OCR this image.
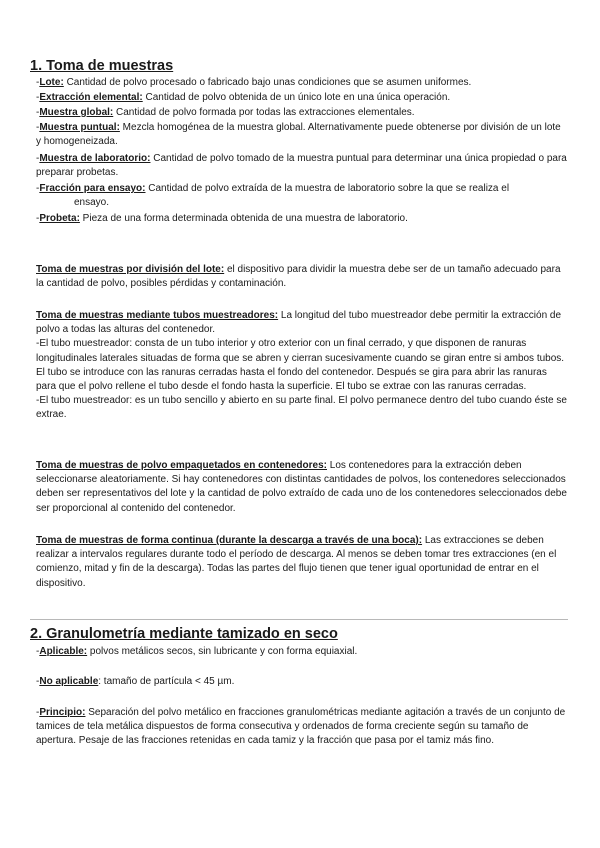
1. Toma de muestras

-Lote: Cantidad de polvo procesado o fabricado bajo unas condiciones que se asumen uniformes.

-Extracción elemental: Cantidad de polvo obtenida de un único lote en una única operación.

-Muestra global: Cantidad de polvo formada por todas las extracciones elementales.

-Muestra puntual: Mezcla homogénea de la muestra global. Alternativamente puede obtenerse por división de un lote y homogeneizada.

-Muestra de laboratorio: Cantidad de polvo tomado de la muestra puntual para determinar una única propiedad o para preparar probetas.

-Fracción para ensayo: Cantidad de polvo extraída de la muestra de laboratorio sobre la que se realiza el
ensayo.

-Probeta: Pieza de una forma determinada obtenida de una muestra de laboratorio.

Toma de muestras por división del lote: el dispositivo para dividir la muestra debe ser de un tamaño adecuado para la cantidad de polvo, posibles pérdidas y contaminación.

Toma de muestras mediante tubos muestreadores: La longitud del tubo muestreador debe permitir la extracción de polvo a todas las alturas del contenedor.
-El tubo muestreador: consta de un tubo interior y otro exterior con un final cerrado, y que disponen de ranuras longitudinales laterales situadas de forma que se abren y cierran sucesivamente cuando se giran entre si ambos tubos. El tubo se introduce con las ranuras cerradas hasta el fondo del contenedor. Después se gira para abrir las ranuras para que el polvo rellene el tubo desde el fondo hasta la superficie. El tubo se extrae con las ranuras cerradas.
-El tubo muestreador: es un tubo sencillo y abierto en su parte final. El polvo permanece dentro del tubo cuando éste se extrae.

Toma de muestras de polvo empaquetados en contenedores: Los contenedores para la extracción deben seleccionarse aleatoriamente. Si hay contenedores con distintas cantidades de polvos, los contenedores seleccionados deben ser representativos del lote y la cantidad de polvo extraído de cada uno de los contenedores seleccionados debe ser proporcional al contenido del contenedor.

Toma de muestras de forma continua (durante la descarga a través de una boca): Las extracciones se deben realizar a intervalos regulares durante todo el período de descarga. Al menos se deben tomar tres extracciones (en el comienzo, mitad y fin de la descarga). Todas las partes del flujo tienen que tener igual oportunidad de entrar en el dispositivo.

2. Granulometría mediante tamizado en seco

-Aplicable: polvos metálicos secos, sin lubricante y con forma equiaxial.

-No aplicable: tamaño de partícula < 45 µm.

-Principio: Separación del polvo metálico en fracciones granulométricas mediante agitación a través de un conjunto de tamices de tela metálica dispuestos de forma consecutiva y ordenados de forma creciente según su tamaño de apertura. Pesaje de las fracciones retenidas en cada tamiz y la fracción que pasa por el tamiz más fino.
